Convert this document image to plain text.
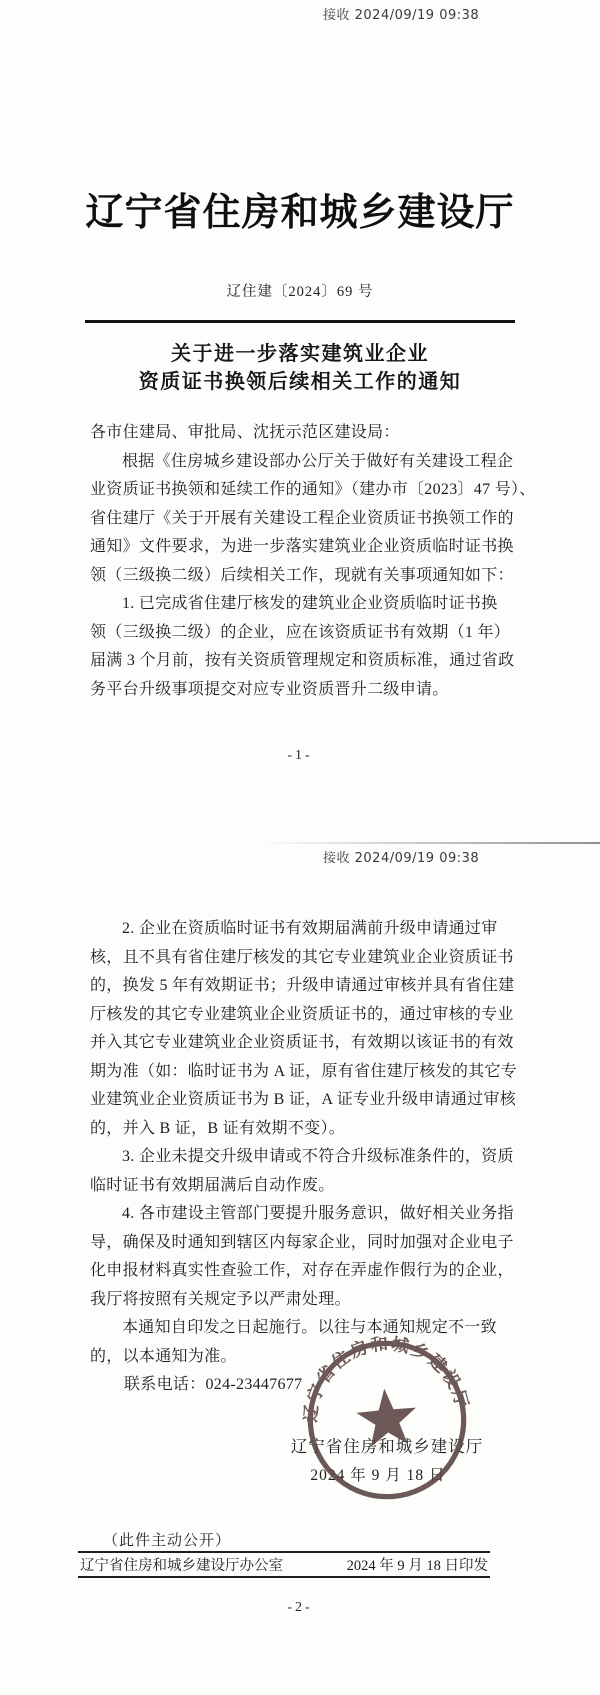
接收 2024/09/19 09:38
辽宁省住房和城乡建设厅
辽住建〔2024〕69 号
关于进一步落实建筑业企业
资质证书换领后续相关工作的通知

各市住建局、审批局、沈抚示范区建设局：

根据《住房城乡建设部办公厅关于做好有关建设工程企

业资质证书换领和延续工作的通知》（建办市〔2023〕47 号）、

省住建厅《关于开展有关建设工程企业资质证书换领工作的

通知》文件要求，为进一步落实建筑业企业资质临时证书换

领（三级换二级）后续相关工作，现就有关事项通知如下：

1. 已完成省住建厅核发的建筑业企业资质临时证书换

领（三级换二级）的企业，应在该资质证书有效期（1 年）

届满 3 个月前，按有关资质管理规定和资质标准，通过省政

务平台升级事项提交对应专业资质晋升二级申请。

-1-
接收 2024/09/19 09:38

2. 企业在资质临时证书有效期届满前升级申请通过审

核，且不具有省住建厅核发的其它专业建筑业企业资质证书

的，换发 5 年有效期证书；升级申请通过审核并具有省住建

厅核发的其它专业建筑业企业资质证书的，通过审核的专业

并入其它专业建筑业企业资质证书，有效期以该证书的有效

期为准（如：临时证书为 A 证，原有省住建厅核发的其它专

业建筑业企业资质证书为 B 证，A 证专业升级申请通过审核

的，并入 B 证，B 证有效期不变）。

3. 企业未提交升级申请或不符合升级标准条件的，资质

临时证书有效期届满后自动作废。

4. 各市建设主管部门要提升服务意识，做好相关业务指

导，确保及时通知到辖区内每家企业，同时加强对企业电子

化申报材料真实性查验工作，对存在弄虚作假行为的企业，

我厅将按照有关规定予以严肃处理。

本通知自印发之日起施行。以往与本通知规定不一致

的，以本通知为准。

联系电话：024-23447677
辽宁省住房和城乡建设厅
2024 年 9 月 18 日
辽宁省住房和城乡建设厅
（此件主动公开）
辽宁省住房和城乡建设厅办公室	2024 年 9 月 18 日印发
-2-
